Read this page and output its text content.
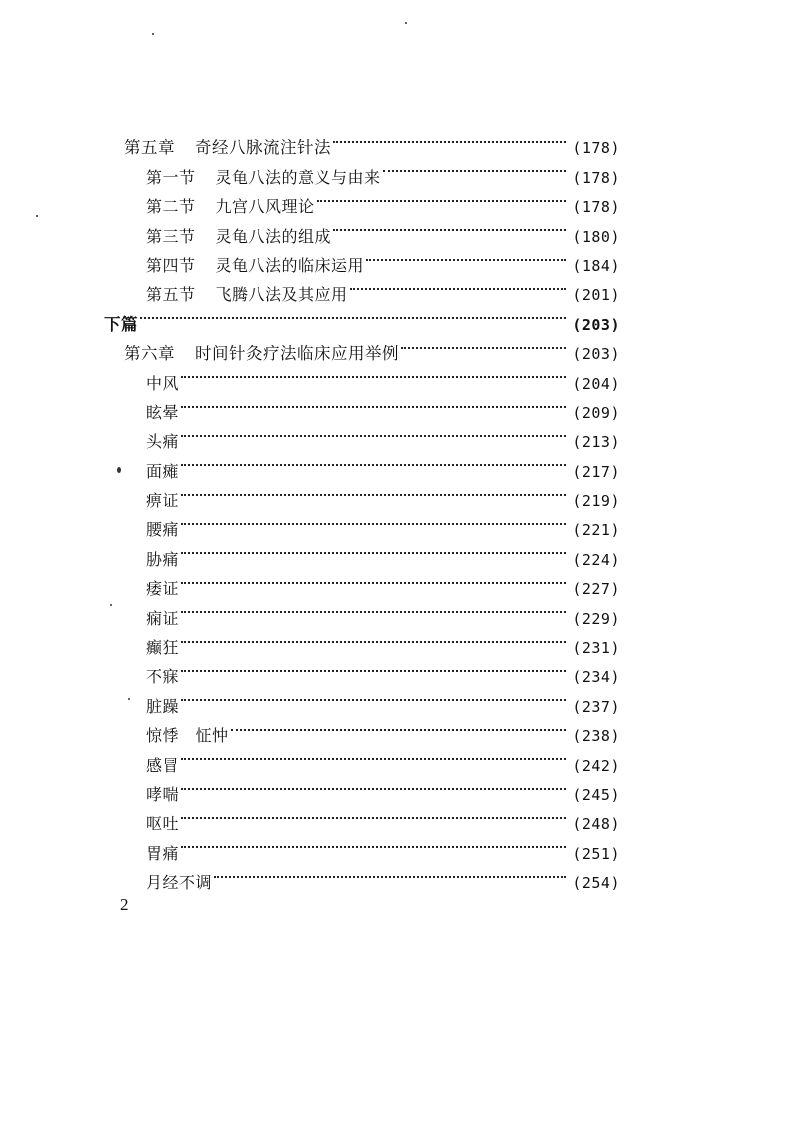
第五章 奇经八脉流注针法	(178)
第一节 灵龟八法的意义与由来	(178)
第二节 九宫八风理论	(178)
第三节 灵龟八法的组成	(180)
第四节 灵龟八法的临床运用	(184)
第五节 飞腾八法及其应用	(201)
下篇	(203)
第六章 时间针灸疗法临床应用举例	(203)
中风	(204)
眩晕	(209)
头痛	(213)
面瘫	(217)
痹证	(219)
腰痛	(221)
胁痛	(224)
痿证	(227)
痫证	(229)
癫狂	(231)
不寐	(234)
脏躁	(237)
惊悸　怔忡	(238)
感冒	(242)
哮喘	(245)
呕吐	(248)
胃痛	(251)
月经不调	(254)
2
